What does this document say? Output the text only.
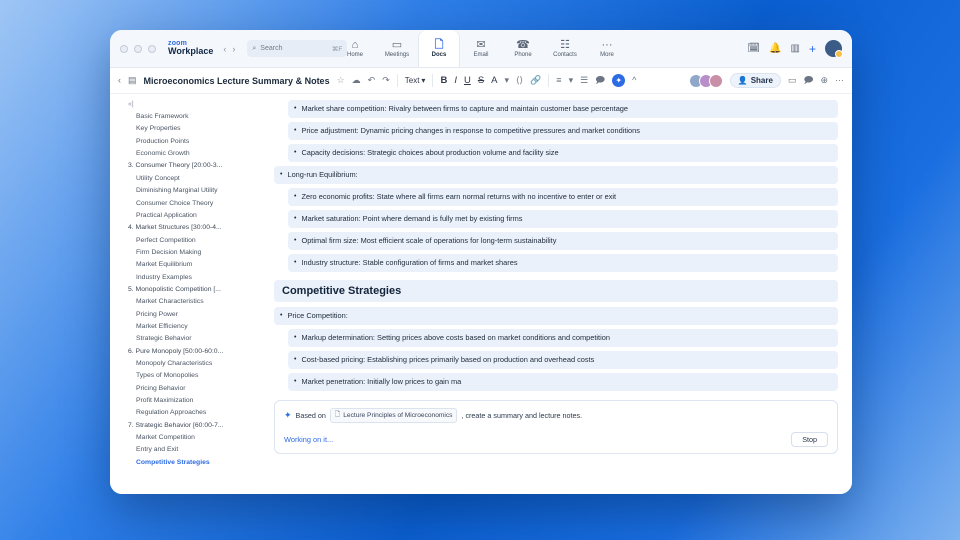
zoom
Workplace ‹ › ⌕ Search	⌘F ⌂
Home
▭
Meetings
🗋
Docs
✉
Email
☎
Phone
☷
Contacts
···
More
🗓 🔔 ▥ +
‹ ▤ Microeconomics Lecture Summary & Notes ☆ ☁ ↶ ↷ Text ▾ B I U S A ▾ ⟨⟩ 🔗 ≡ ▾ ☰ 🗩	✦	^	👤 Share ▭ 🗩 ⊕ ···
«|
Basic Framework
Key Properties
Production Points
Economic Growth
3. Consumer Theory [20:00-3...
Utility Concept
Diminishing Marginal Utility
Consumer Choice Theory
Practical Application
4. Market Structures [30:00-4...
Perfect Competition
Firm Decision Making
Market Equilibrium
Industry Examples
5. Monopolistic Competition [...
Market Characteristics
Pricing Power
Market Efficiency
Strategic Behavior
6. Pure Monopoly [50:00-60:0...
Monopoly Characteristics
Types of Monopolies
Pricing Behavior
Profit Maximization
Regulation Approaches
7. Strategic Behavior [60:00-7...
Market Competition
Entry and Exit
Competitive Strategies
• Market share competition: Rivalry between firms to capture and maintain customer base percentage
• Price adjustment: Dynamic pricing changes in response to competitive pressures and market conditions
• Capacity decisions: Strategic choices about production volume and facility size
• Long-run Equilibrium:
• Zero economic profits: State where all firms earn normal returns with no incentive to enter or exit
• Market saturation: Point where demand is fully met by existing firms
• Optimal firm size: Most efficient scale of operations for long-term sustainability
• Industry structure: Stable configuration of firms and market shares
Competitive Strategies
• Price Competition:
• Markup determination: Setting prices above costs based on market conditions and competition
• Cost-based pricing: Establishing prices primarily based on production and overhead costs
• Market penetration: Initially low prices to gain ma
✦ Based on 🗋 Lecture Principles of Microeconomics , create a summary and lecture notes.
Working on it...	Stop
